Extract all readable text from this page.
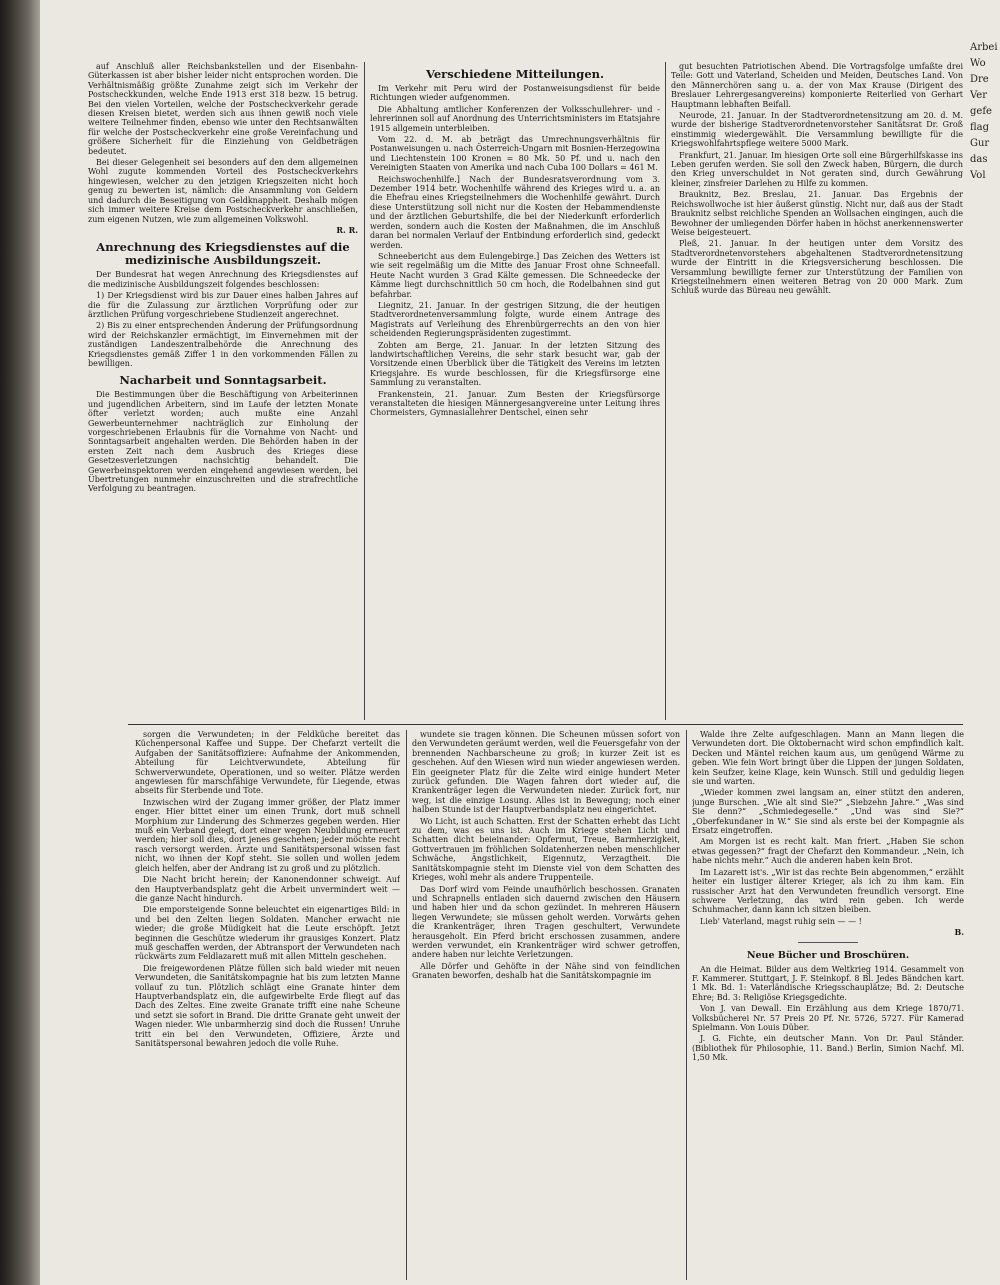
auf Anschluß aller Reichsbankstellen und der Eisenbahn-Güterkassen ist aber bisher leider nicht entsprochen worden. Die Verhältnismäßig größte Zunahme zeigt sich im Verkehr der Postscheckkunden, welche Ende 1913 erst 318 bezw. 15 betrug. Bei den vielen Vorteilen, welche der Postscheckverkehr gerade diesen Kreisen bietet, werden sich aus ihnen gewiß noch viele weitere Teilnehmer finden, ebenso wie unter den Rechtsanwälten für welche der Postscheckverkehr eine große Vereinfachung und größere Sicherheit für die Einziehung von Geldbeträgen bedeutet.

Bei dieser Gelegenheit sei besonders auf den dem allgemeinen Wohl zugute kommenden Vorteil des Postscheckverkehrs hingewiesen, welcher zu den jetzigen Kriegszeiten nicht hoch genug zu bewerten ist, nämlich: die Ansammlung von Geldern und dadurch die Beseitigung von Geldknappheit. Deshalb mögen sich immer weitere Kreise dem Postscheckverkehr anschließen, zum eigenen Nutzen, wie zum allgemeinen Volkswohl.

R. R.
Anrechnung des Kriegsdienstes auf die medizinische Ausbildungszeit.

Der Bundesrat hat wegen Anrechnung des Kriegsdienstes auf die medizinische Ausbildungszeit folgendes beschlossen:

1) Der Kriegsdienst wird bis zur Dauer eines halben Jahres auf die für die Zulassung zur ärztlichen Vorprüfung oder zur ärztlichen Prüfung vorgeschriebene Studienzeit angerechnet.

2) Bis zu einer entsprechenden Änderung der Prüfungsordnung wird der Reichskanzler ermächtigt, im Einvernehmen mit der zuständigen Landeszentralbehörde die Anrechnung des Kriegsdienstes gemäß Ziffer 1 in den vorkommenden Fällen zu bewilligen.

Nacharbeit und Sonntagsarbeit.

Die Bestimmungen über die Beschäftigung von Arbeiterinnen und jugendlichen Arbeitern, sind im Laufe der letzten Monate öfter verletzt worden; auch mußte eine Anzahl Gewerbeunternehmer nachträglich zur Einholung der vorgeschriebenen Erlaubnis für die Vornahme von Nacht- und Sonntagsarbeit angehalten werden. Die Behörden haben in der ersten Zeit nach dem Ausbruch des Krieges diese Gesetzesverletzungen nachsichtig behandelt. Die Gewerbeinspektoren werden eingehend angewiesen werden, bei Übertretungen nunmehr einzuschreiten und die strafrechtliche Verfolgung zu beantragen.

Verschiedene Mitteilungen.

Im Verkehr mit Peru wird der Postanweisungsdienst für beide Richtungen wieder aufgenommen.

Die Abhaltung amtlicher Konferenzen der Volksschullehrer- und -lehrerinnen soll auf Anordnung des Unterrichtsministers im Etatsjahre 1915 allgemein unterbleiben.

Vom 22. d. M. ab beträgt das Umrechnungsverhältnis für Postanweisungen u. nach Österreich-Ungarn mit Bosnien-Herzegowina und Liechtenstein 100 Kronen = 80 Mk. 50 Pf. und u. nach den Vereinigten Staaten von Amerika und nach Cuba 100 Dollars = 461 M.

Reichswochenhilfe.] Nach der Bundesratsverordnung vom 3. Dezember 1914 betr. Wochenhilfe während des Krieges wird u. a. an die Ehefrau eines Kriegsteilnehmers die Wochenhilfe gewährt. Durch diese Unterstützung soll nicht nur die Kosten der Hebammendienste und der ärztlichen Geburtshilfe, die bei der Niederkunft erforderlich werden, sondern auch die Kosten der Maßnahmen, die im Anschluß daran bei normalen Verlauf der Entbindung erforderlich sind, gedeckt werden.

Schneebericht aus dem Eulengebirge.] Das Zeichen des Wetters ist wie seit regelmäßig um die Mitte des Januar Frost ohne Schneefall. Heute Nacht wurden 3 Grad Kälte gemessen. Die Schneedecke der Kämme liegt durchschnittlich 50 cm hoch, die Rodelbahnen sind gut befahrbar.

Liegnitz, 21. Januar. In der gestrigen Sitzung, die der heutigen Stadtverordnetenversammlung folgte, wurde einem Antrage des Magistrats auf Verleihung des Ehrenbürgerrechts an den von hier scheidenden Regierungspräsidenten zugestimmt.

Zobten am Berge, 21. Januar. In der letzten Sitzung des landwirtschaftlichen Vereins, die sehr stark besucht war, gab der Vorsitzende einen Überblick über die Tätigkeit des Vereins im letzten Kriegsjahre. Es wurde beschlossen, für die Kriegsfürsorge eine Sammlung zu veranstalten.

Frankenstein, 21. Januar. Zum Besten der Kriegsfürsorge veranstalteten die hiesigen Männergesangvereine unter Leitung ihres Chormeisters, Gymnasiallehrer Dentschel, einen sehr

gut besuchten Patriotischen Abend. Die Vortragsfolge umfaßte drei Teile: Gott und Vaterland, Scheiden und Meiden, Deutsches Land. Von den Männerchören sang u. a. der von Max Krause (Dirigent des Breslauer Lehrergesangvereins) komponierte Reiterlied von Gerhart Hauptmann lebhaften Beifall.

Neurode, 21. Januar. In der Stadtverordnetensitzung am 20. d. M. wurde der bisherige Stadtverordnetenvorsteher Sanitätsrat Dr. Groß einstimmig wiedergewählt. Die Versammlung bewilligte für die Kriegswohlfahrtspflege weitere 5000 Mark.

Frankfurt, 21. Januar. Im hiesigen Orte soll eine Bürgerhilfskasse ins Leben gerufen werden. Sie soll den Zweck haben, Bürgern, die durch den Krieg unverschuldet in Not geraten sind, durch Gewährung kleiner, zinsfreier Darlehen zu Hilfe zu kommen.

Brauknitz, Bez. Breslau, 21. Januar. Das Ergebnis der Reichswollwoche ist hier äußerst günstig. Nicht nur, daß aus der Stadt Brauknitz selbst reichliche Spenden an Wollsachen eingingen, auch die Bewohner der umliegenden Dörfer haben in höchst anerkennenswerter Weise beigesteuert.

Pleß, 21. Januar. In der heutigen unter dem Vorsitz des Stadtverordnetenvorstehers abgehaltenen Stadtverordnetensitzung wurde der Eintritt in die Kriegsversicherung beschlossen. Die Versammlung bewilligte ferner zur Unterstützung der Familien von Kriegsteilnehmern einen weiteren Betrag von 20 000 Mark. Zum Schluß wurde das Büreau neu gewählt.

Arbei
Wo
Dre
Ver
gefe
flag
Gur
das
Vol

sorgen die Verwundeten; in der Feldküche bereitet das Küchenpersonal Kaffee und Suppe. Der Chefarzt verteilt die Aufgaben der Sanitätsoffiziere: Aufnahme der Ankommenden, Abteilung für Leichtverwundete, Abteilung für Schwerverwundete, Operationen, und so weiter. Plätze werden angewiesen für marschfähige Verwundete, für Liegende, etwas abseits für Sterbende und Tote.

Inzwischen wird der Zugang immer größer, der Platz immer enger. Hier bittet einer um einen Trunk, dort muß schnell Morphium zur Linderung des Schmerzes gegeben werden. Hier muß ein Verband gelegt, dort einer wegen Neubildung erneuert werden; hier soll dies, dort jenes geschehen; jeder möchte recht rasch versorgt werden. Ärzte und Sanitätspersonal wissen fast nicht, wo ihnen der Kopf steht. Sie sollen und wollen jedem gleich helfen, aber der Andrang ist zu groß und zu plötzlich.

Die Nacht bricht herein; der Kanonendonner schweigt. Auf den Hauptverbandsplatz geht die Arbeit unvermindert weit — die ganze Nacht hindurch.

Die emporsteigende Sonne beleuchtet ein eigenartiges Bild: in und bei den Zelten liegen Soldaten. Mancher erwacht nie wieder; die große Müdigkeit hat die Leute erschöpft. Jetzt beginnen die Geschütze wiederum ihr grausiges Konzert. Platz muß geschaffen werden, der Abtransport der Verwundeten nach rückwärts zum Feldlazarett muß mit allen Mitteln geschehen.

Die freigewordenen Plätze füllen sich bald wieder mit neuen Verwundeten, die Sanitätskompagnie hat bis zum letzten Manne vollauf zu tun. Plötzlich schlägt eine Granate hinter dem Hauptverbandsplatz ein, die aufgewirbelte Erde fliegt auf das Dach des Zeltes. Eine zweite Granate trifft eine nahe Scheune und setzt sie sofort in Brand. Die dritte Granate geht unweit der Wagen nieder. Wie unbarmherzig sind doch die Russen! Unruhe tritt ein bei den Verwundeten, Offiziere, Ärzte und Sanitätspersonal bewahren jedoch die volle Ruhe.

wundete sie tragen können. Die Scheunen müssen sofort von den Verwundeten geräumt werden, weil die Feuersgefahr von der brennenden Nachbarscheune zu groß; in kurzer Zeit ist es geschehen. Auf den Wiesen wird nun wieder angewiesen werden. Ein geeigneter Platz für die Zelte wird einige hundert Meter zurück gefunden. Die Wagen fahren dort wieder auf, die Krankenträger legen die Verwundeten nieder. Zurück fort, nur weg, ist die einzige Losung. Alles ist in Bewegung; noch einer halben Stunde ist der Hauptverbandsplatz neu eingerichtet.

Wo Licht, ist auch Schatten. Erst der Schatten erhebt das Licht zu dem, was es uns ist. Auch im Kriege stehen Licht und Schatten dicht beieinander: Opfermut, Treue, Barmherzigkeit, Gottvertrauen im fröhlichen Soldatenherzen neben menschlicher Schwäche, Ängstlichkeit, Eigennutz, Verzagtheit. Die Sanitätskompagnie steht im Dienste viel von dem Schatten des Krieges, wohl mehr als andere Truppenteile.

Das Dorf wird vom Feinde unaufhörlich beschossen. Granaten und Schrapnells entladen sich dauernd zwischen den Häusern und haben hier und da schon gezündet. In mehreren Häusern liegen Verwundete; sie müssen geholt werden. Vorwärts gehen die Krankenträger, ihren Tragen geschultert, Verwundete herausgeholt. Ein Pferd bricht erschossen zusammen, andere werden verwundet, ein Krankenträger wird schwer getroffen, andere haben nur leichte Verletzungen.

Alle Dörfer und Gehöfte in der Nähe sind von feindlichen Granaten beworfen, deshalb hat die Sanitätskompagnie im

Walde ihre Zelte aufgeschlagen. Mann an Mann liegen die Verwundeten dort. Die Oktobernacht wird schon empfindlich kalt. Decken und Mäntel reichen kaum aus, um genügend Wärme zu geben. Wie fein Wort bringt über die Lippen der jungen Soldaten, kein Seufzer, keine Klage, kein Wunsch. Still und geduldig liegen sie und warten.

„Wieder kommen zwei langsam an, einer stützt den anderen, junge Burschen. „Wie alt sind Sie?“ „Siebzehn Jahre.“ „Was sind Sie denn?“ „Schmiedegeselle.“ „Und was sind Sie?“ „Oberfekundaner in W.“ Sie sind als erste bei der Kompagnie als Ersatz eingetroffen.

Am Morgen ist es recht kalt. Man friert. „Haben Sie schon etwas gegessen?“ fragt der Chefarzt den Kommandeur. „Nein, ich habe nichts mehr.“ Auch die anderen haben kein Brot.

Im Lazarett ist's. „Wir ist das rechte Bein abgenommen,“ erzählt heiter ein lustiger älterer Krieger, als ich zu ihm kam. Ein russischer Arzt hat den Verwundeten freundlich versorgt. Eine schwere Verletzung, das wird rein geben. Ich werde Schuhmacher, dann kann ich sitzen bleiben.

Lieb' Vaterland, magst ruhig sein — — !

B.
Neue Bücher und Broschüren.

An die Heimat. Bilder aus dem Weltkrieg 1914. Gesammelt von F. Kammerer. Stuttgart, J. F. Steinkopf. 8 Bl. Jedes Bändchen kart. 1 Mk. Bd. 1: Vaterländische Kriegsschauplätze; Bd. 2: Deutsche Ehre; Bd. 3: Religiöse Kriegsgedichte.

Von J. van Dewall. Ein Erzählung aus dem Kriege 1870/71. Volksbücherei Nr. 57 Preis 20 Pf. Nr. 5726, 5727. Für Kamerad Spielmann. Von Louis Düber.

J. G. Fichte, ein deutscher Mann. Von Dr. Paul Ständer. (Bibliothek für Philosophie, 11. Band.) Berlin, Simion Nachf. Ml. 1,50 Mk.
